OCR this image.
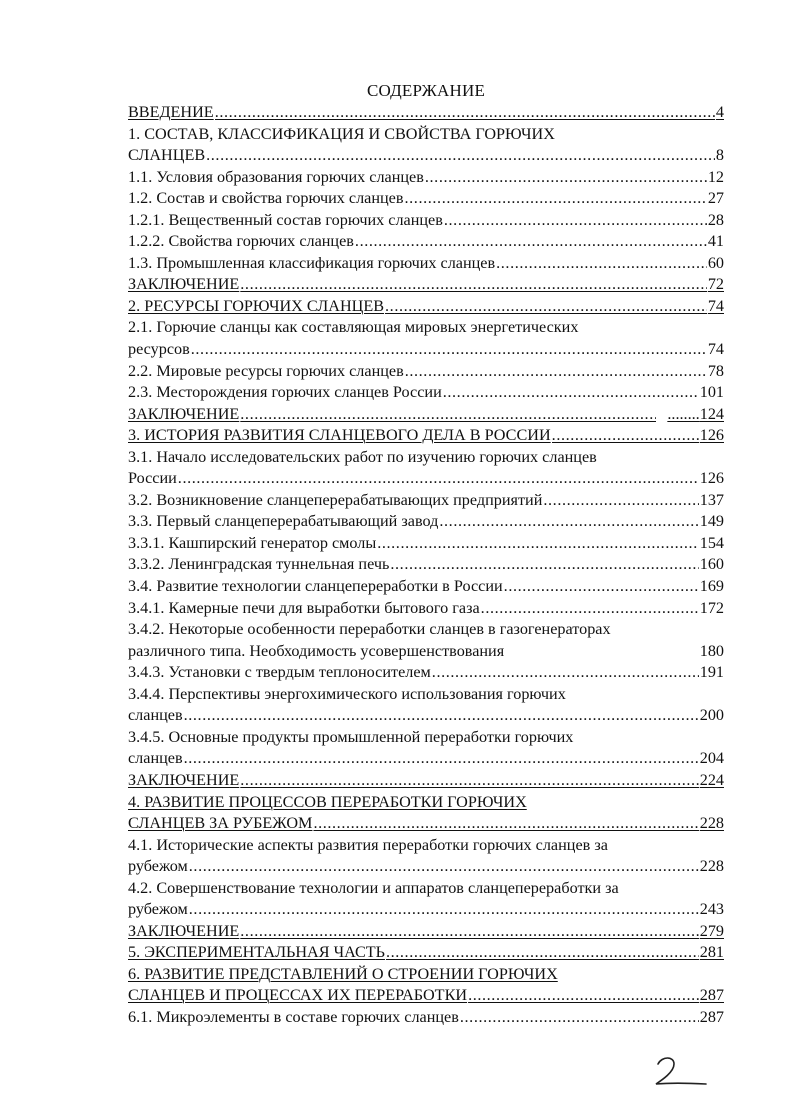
СОДЕРЖАНИЕ
ВВЕДЕНИЕ .....	4
1. СОСТАВ, КЛАССИФИКАЦИЯ И СВОЙСТВА ГОРЮЧИХ
СЛАНЦЕВ .....	8
1.1. Условия образования горючих сланцев .....	12
1.2. Состав и свойства горючих сланцев .....	27
1.2.1. Вещественный состав горючих сланцев .....	28
1.2.2. Свойства горючих сланцев .....	41
1.3. Промышленная классификация горючих сланцев .....	60
ЗАКЛЮЧЕНИЕ .....	72
2. РЕСУРСЫ ГОРЮЧИХ СЛАНЦЕВ .....	74
2.1. Горючие сланцы как составляющая мировых энергетических
ресурсов .....	74
2.2. Мировые ресурсы горючих сланцев .....	78
2.3. Месторождения горючих сланцев России .....	101
ЗАКЛЮЧЕНИЕ .....	........ 124
3. ИСТОРИЯ РАЗВИТИЯ СЛАНЦЕВОГО ДЕЛА В РОССИИ .....	126
3.1. Начало исследовательских работ по изучению горючих сланцев
России .....	126
3.2. Возникновение сланцеперерабатывающих предприятий .....	137
3.3. Первый сланцеперерабатывающий завод .....	149
3.3.1. Кашпирский генератор смолы .....	154
3.3.2. Ленинградская туннельная печь .....	160
3.4. Развитие технологии сланцепереработки в России .....	169
3.4.1. Камерные печи для выработки бытового газа .....	172
3.4.2. Некоторые особенности переработки сланцев в газогенераторах
различного типа. Необходимость усовершенствования	180
3.4.3. Установки с твердым теплоносителем .....	191
3.4.4. Перспективы энергохимического использования горючих
сланцев .....	200
3.4.5. Основные продукты промышленной переработки горючих
сланцев .....	204
ЗАКЛЮЧЕНИЕ .....	224
4. РАЗВИТИЕ ПРОЦЕССОВ ПЕРЕРАБОТКИ ГОРЮЧИХ
СЛАНЦЕВ ЗА РУБЕЖОМ .....	228
4.1. Исторические аспекты развития переработки горючих сланцев за
рубежом .....	228
4.2. Совершенствование технологии и аппаратов сланцепереработки за
рубежом .....	243
ЗАКЛЮЧЕНИЕ .....	279
5. ЭКСПЕРИМЕНТАЛЬНАЯ ЧАСТЬ .....	281
6. РАЗВИТИЕ ПРЕДСТАВЛЕНИЙ О СТРОЕНИИ ГОРЮЧИХ
СЛАНЦЕВ И ПРОЦЕССАХ ИХ ПЕРЕРАБОТКИ .....	287
6.1. Микроэлементы в составе горючих сланцев .....	287
